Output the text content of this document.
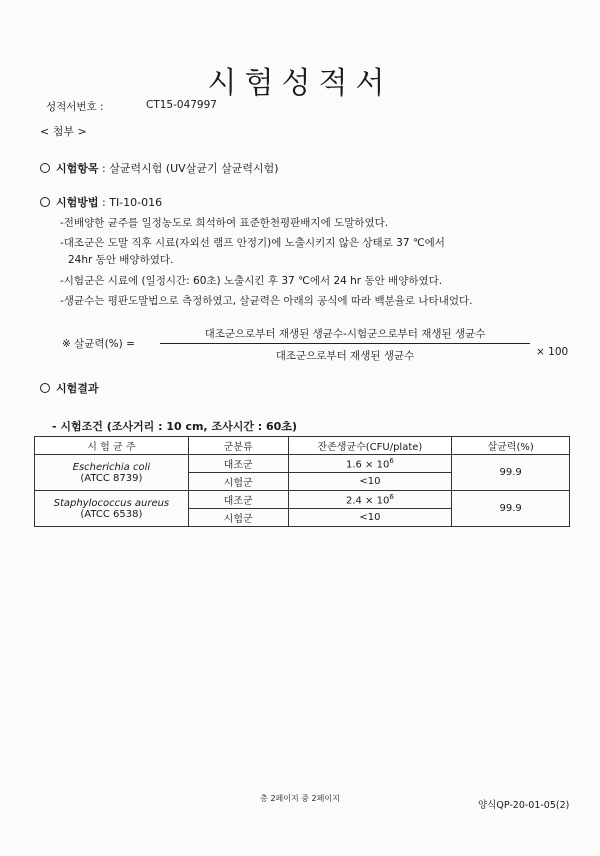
시험성적서
성적서번호 :	CT15-047997
< 첨부 >
시험항목 : 살균력시험 (UV살균기 살균력시험)
시험방법 : TI-10-016
-전배양한 균주를 일정농도로 희석하여 표준한천평판배지에 도말하였다.
-대조군은 도말 직후 시료(자외선 램프 안정기)에 노출시키지 않은 상태로 37 ℃에서
24hr 동안 배양하였다.
-시험군은 시료에 (일정시간: 60초) 노출시킨 후 37 ℃에서 24 hr 동안 배양하였다.
-생균수는 평판도말법으로 측정하였고, 살균력은 아래의 공식에 따라 백분율로 나타내었다.
※ 살균력(%) =
대조군으로부터 재생된 생균수-시험군으로부터 재생된 생균수
대조군으로부터 재생된 생균수	× 100
시험결과
- 시험조건 (조사거리 : 10 cm, 조사시간 : 60초)
시 험 균 주	군분류	잔존생균수(CFU/plate)	살균력(%)

Escherichia coli
(ATCC 8739)	대조군	$1.6 \times 10^6$	99.9
	시험군	<10	

Staphylococcus aureus
(ATCC 6538)	대조군	$2.4 \times 10^6$	99.9
	시험군	<10	
총 2페이지 중 2페이지
양식QP-20-01-05(2)
